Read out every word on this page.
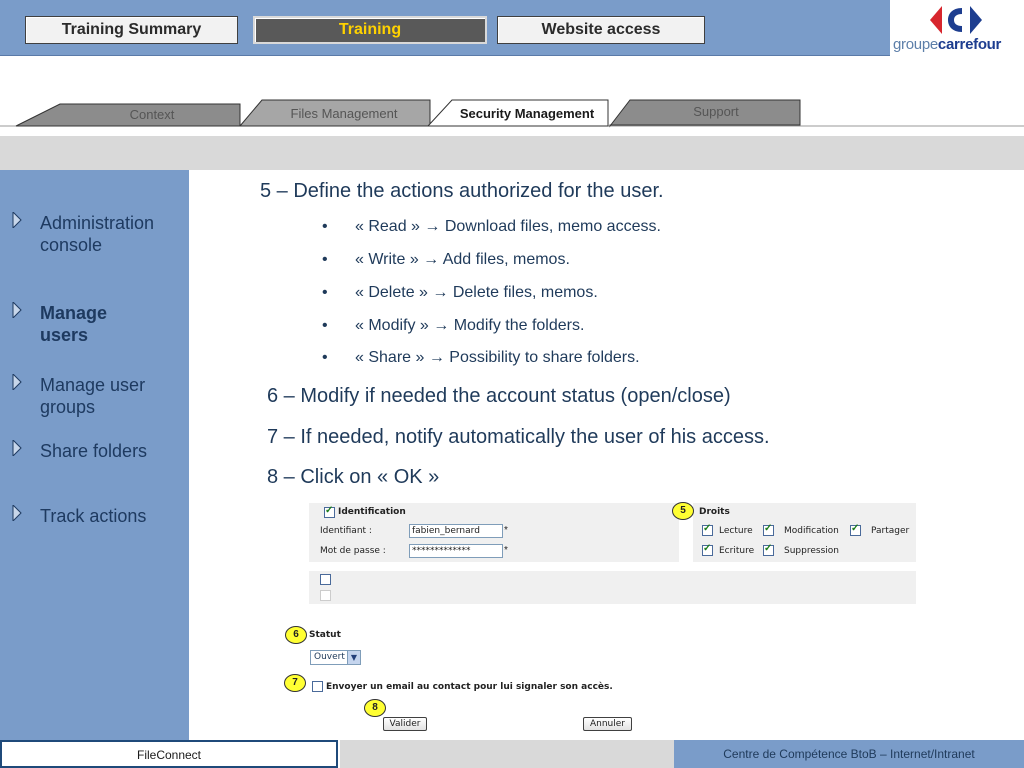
Training Summary	Training	Website access
groupecarrefour
Context	Files Management	Security Management	Support
Administration console
Manage users
Manage user groups
Share folders
Track actions
5 – Define the actions authorized for the user.
• « Read » → Download files, memo access.
• « Write » → Add files, memos.
• « Delete » → Delete files, memos.
• « Modify » → Modify the folders.
• « Share » → Possibility to share folders.
6 – Modify if needed the account status (open/close)
7 – If needed, notify automatically the user of his access.
8 – Click on « OK »
✓
Identification
Identifiant :	fabien_bernard	*
Mot de passe :	*************	*
5	Droits
✓
Lecture ✓	Modification ✓	Partager
✓
Ecriture ✓	Suppression
6	Statut
Ouvert ▼
7	Envoyer un email au contact pour lui signaler son accès.
8
Valider	Annuler
FileConnect	Centre de Compétence BtoB – Internet/Intranet
